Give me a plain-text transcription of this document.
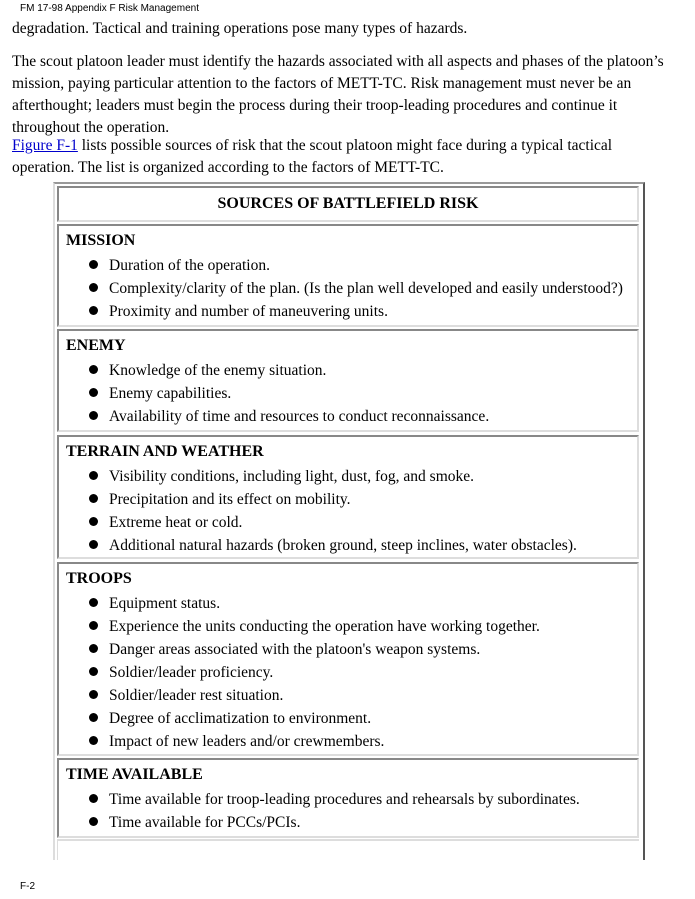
FM 17-98 Appendix F Risk Management
degradation. Tactical and training operations pose many types of hazards.
The scout platoon leader must identify the hazards associated with all aspects and phases of the platoon’s
mission, paying particular attention to the factors of METT-TC. Risk management must never be an
afterthought; leaders must begin the process during their troop-leading procedures and continue it
throughout the operation.
Figure F-1 lists possible sources of risk that the scout platoon might face during a typical tactical
operation. The list is organized according to the factors of METT-TC.
SOURCES OF BATTLEFIELD RISK
MISSION
Duration of the operation.
Complexity/clarity of the plan. (Is the plan well developed and easily understood?)
Proximity and number of maneuvering units.
ENEMY
Knowledge of the enemy situation.
Enemy capabilities.
Availability of time and resources to conduct reconnaissance.
TERRAIN AND WEATHER
Visibility conditions, including light, dust, fog, and smoke.
Precipitation and its effect on mobility.
Extreme heat or cold.
Additional natural hazards (broken ground, steep inclines, water obstacles).
TROOPS
Equipment status.
Experience the units conducting the operation have working together.
Danger areas associated with the platoon's weapon systems.
Soldier/leader proficiency.
Soldier/leader rest situation.
Degree of acclimatization to environment.
Impact of new leaders and/or crewmembers.
TIME AVAILABLE
Time available for troop-leading procedures and rehearsals by subordinates.
Time available for PCCs/PCIs.
F-2
